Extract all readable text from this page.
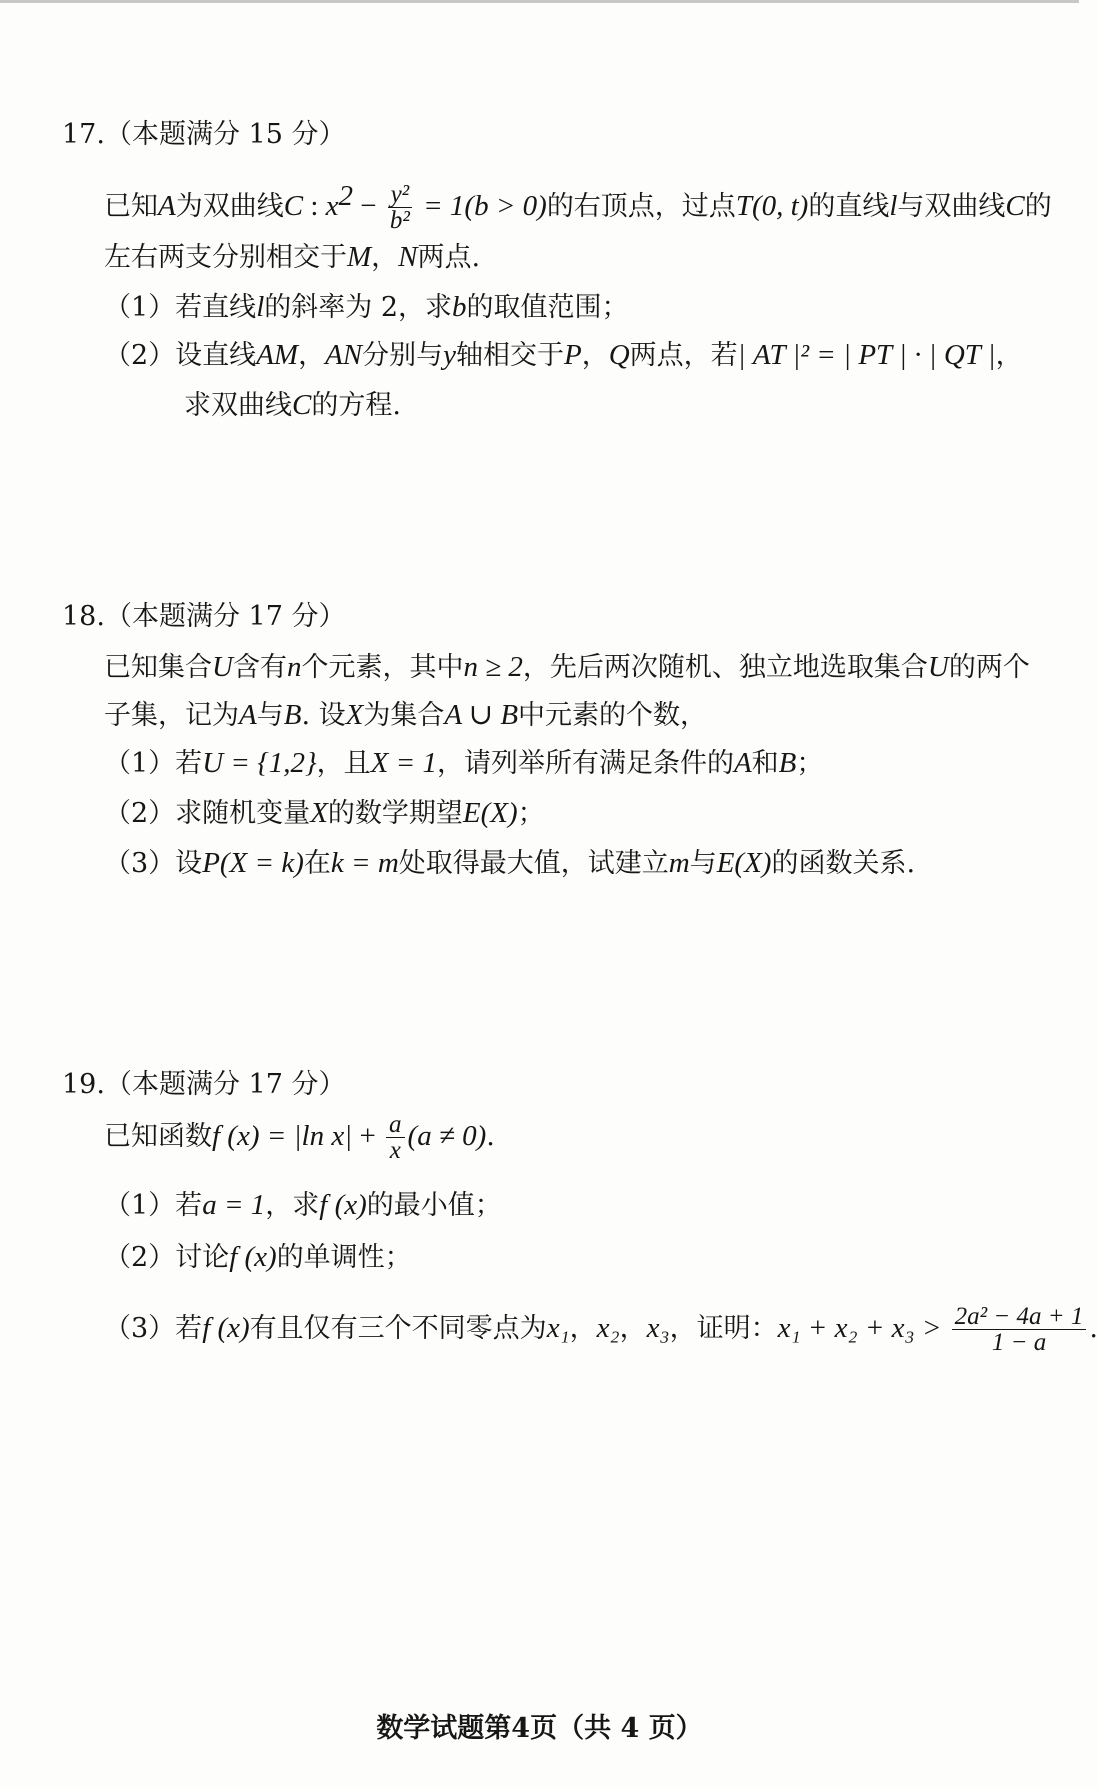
17.（本题满分 15 分）
已知A为双曲线C : $x^2 - \frac{\text{y²}}{\text{b²}} = 1(b > 0)$的右顶点，过点T(0, t)的直线l与双曲线C的
左右两支分别相交于M，N两点.
（1）若直线l的斜率为 2，求b的取值范围；
（2）设直线AM，AN分别与y轴相交于P，Q两点，若| AT |² = | PT | · | QT |，
求双曲线C的方程.
18.（本题满分 17 分）
已知集合U含有n个元素，其中n ≥ 2，先后两次随机、独立地选取集合U的两个
子集，记为A与B. 设X为集合A ∪ B中元素的个数，
（1）若U = {1,2}，且X = 1，请列举所有满足条件的A和B；
（2）求随机变量X的数学期望E(X)；
（3）设P(X = k)在k = m处取得最大值，试建立m与E(X)的函数关系.
19.（本题满分 17 分）
已知函数f (x) = |ln $x| + \frac{a}{x} (a \ne 0)$.
（1）若a = 1，求f (x)的最小值；
（2）讨论f (x)的单调性；
（3）若f (x)有且仅有三个不同零点为x₁，x₂，x₃，证明：$x_1 + x_2 + x_3 > \frac{\text{2a² − 4a + 1}}{1 - a}$ .
数学试题第4页（共 4 页）
